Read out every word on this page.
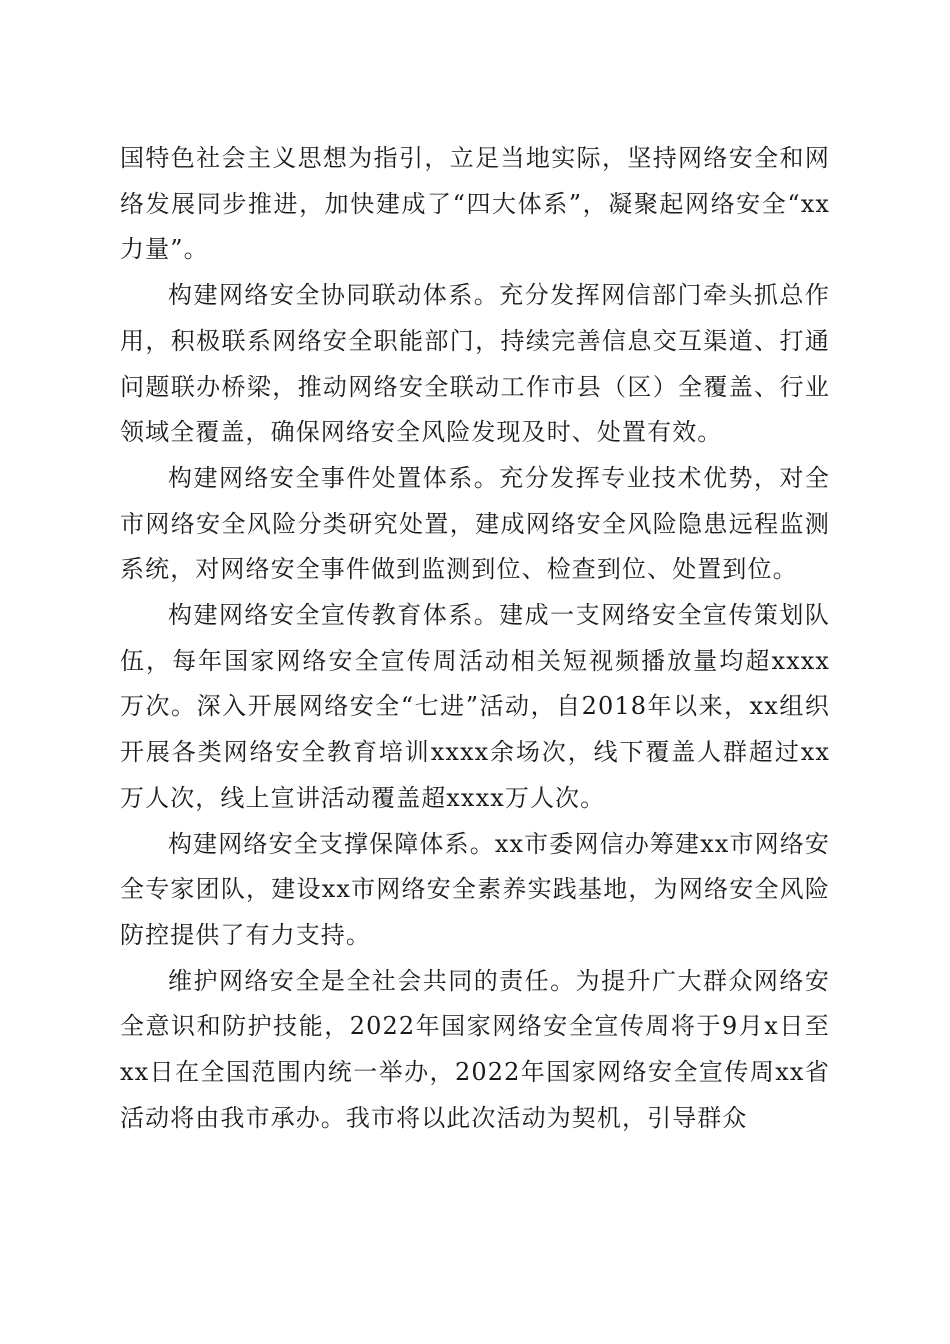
国特色社会主义思想为指引，立足当地实际，坚持网络安全和网络发展同步推进，加快建成了“四大体系”，凝聚起网络安全“xx力量”。

构建网络安全协同联动体系。充分发挥网信部门牵头抓总作用，积极联系网络安全职能部门，持续完善信息交互渠道、打通问题联办桥梁，推动网络安全联动工作市县（区）全覆盖、行业领域全覆盖，确保网络安全风险发现及时、处置有效。

构建网络安全事件处置体系。充分发挥专业技术优势，对全市网络安全风险分类研究处置，建成网络安全风险隐患远程监测系统，对网络安全事件做到监测到位、检查到位、处置到位。

构建网络安全宣传教育体系。建成一支网络安全宣传策划队伍，每年国家网络安全宣传周活动相关短视频播放量均超xxxx万次。深入开展网络安全“七进”活动，自2018年以来，xx组织开展各类网络安全教育培训xxxx余场次，线下覆盖人群超过xx万人次，线上宣讲活动覆盖超xxxx万人次。

构建网络安全支撑保障体系。xx市委网信办筹建xx市网络安全专家团队，建设xx市网络安全素养实践基地，为网络安全风险防控提供了有力支持。

维护网络安全是全社会共同的责任。为提升广大群众网络安全意识和防护技能，2022年国家网络安全宣传周将于9月x日至xx日在全国范围内统一举办，2022年国家网络安全宣传周xx省活动将由我市承办。我市将以此次活动为契机，引导群众
